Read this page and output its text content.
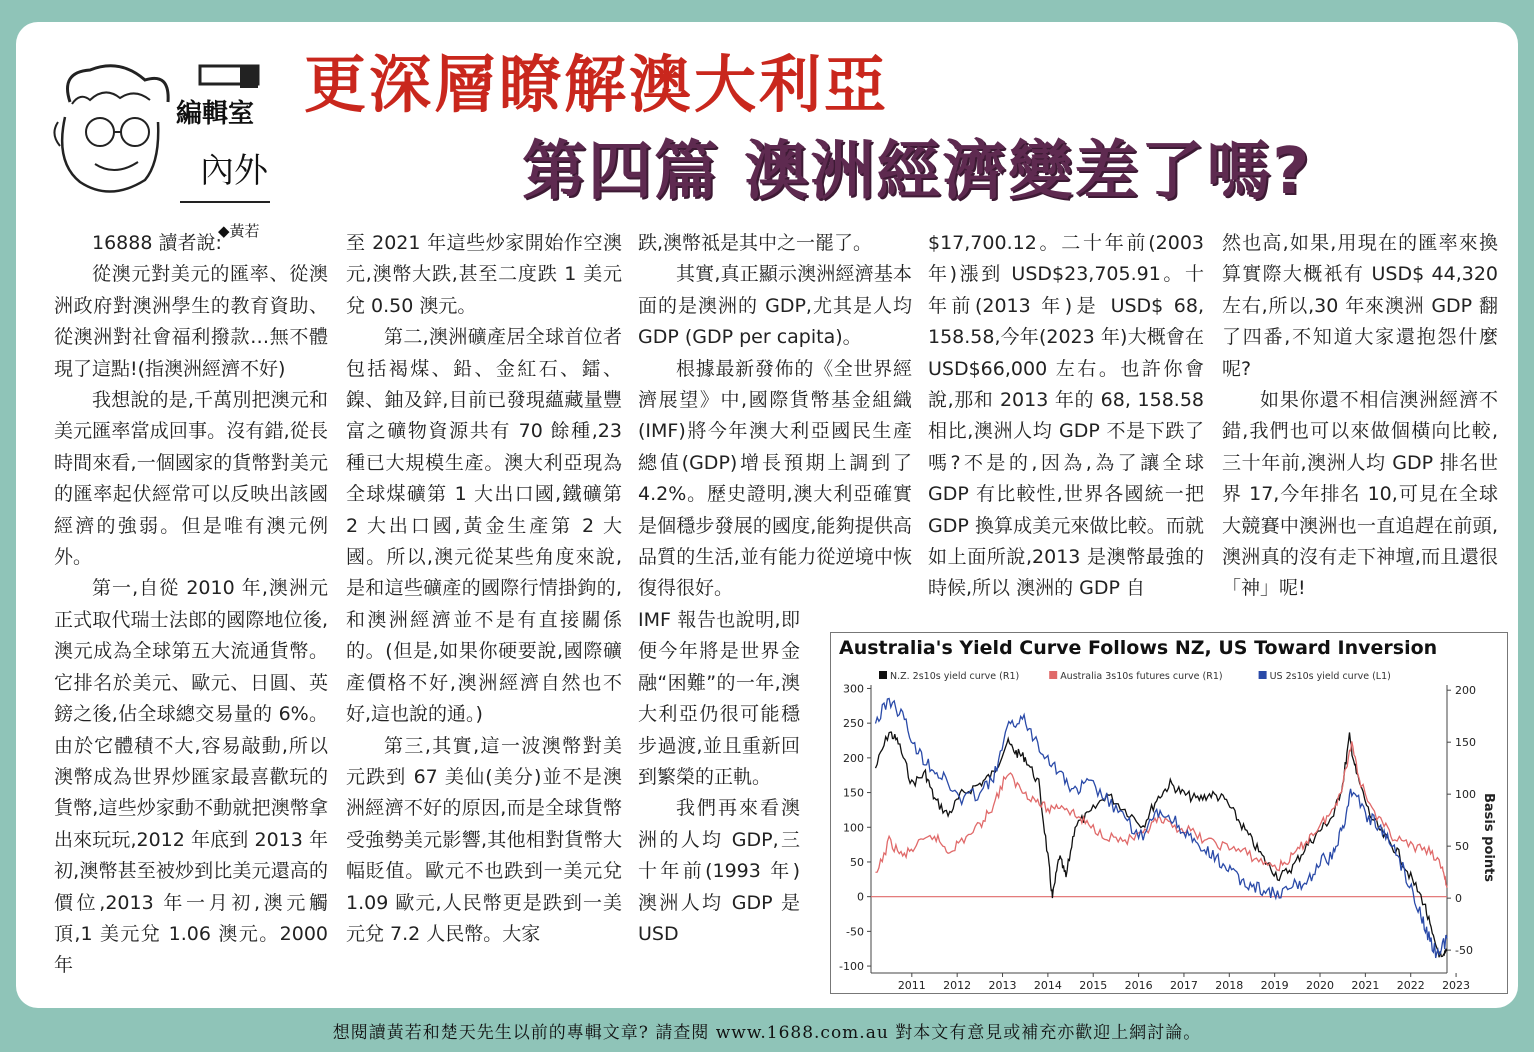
編輯室
內外
◆黃若
更深層瞭解澳大利亞
第四篇 澳洲經濟變差了嗎?

16888 讀者說:

從澳元對美元的匯率、從澳洲政府對澳洲學生的教育資助、從澳洲對社會福利撥款…無不體現了這點!(指澳洲經濟不好)

我想說的是,千萬別把澳元和美元匯率當成回事。沒有錯,從長時間來看,一個國家的貨幣對美元的匯率起伏經常可以反映出該國經濟的強弱。但是唯有澳元例外。

第一,自從 2010 年,澳洲元正式取代瑞士法郎的國際地位後,澳元成為全球第五大流通貨幣。它排名於美元、歐元、日圓、英鎊之後,佔全球總交易量的 6%。由於它體積不大,容易敲動,所以澳幣成為世界炒匯家最喜歡玩的貨幣,這些炒家動不動就把澳幣拿出來玩玩,2012 年底到 2013 年初,澳幣甚至被炒到比美元還高的價位,2013 年一月初,澳元觸頂,1 美元兌 1.06 澳元。2000 年

至 2021 年這些炒家開始作空澳元,澳幣大跌,甚至二度跌 1 美元兌 0.50 澳元。

第二,澳洲礦產居全球首位者包括褐煤、鉛、金紅石、鐳、鎳、鈾及鋅,目前已發現蘊藏量豐富之礦物資源共有 70 餘種,23 種已大規模生產。澳大利亞現為全球煤礦第 1 大出口國,鐵礦第 2 大出口國,黃金生產第 2 大國。所以,澳元從某些角度來說,是和這些礦產的國際行情掛鉤的,和澳洲經濟並不是有直接關係的。(但是,如果你硬要說,國際礦產價格不好,澳洲經濟自然也不好,這也說的通。)

第三,其實,這一波澳幣對美元跌到 67 美仙(美分)並不是澳洲經濟不好的原因,而是全球貨幣受強勢美元影響,其他相對貨幣大幅貶值。歐元不也跌到一美元兌 1.09 歐元,人民幣更是跌到一美元兌 7.2 人民幣。大家

跌,澳幣祗是其中之一罷了。

其實,真正顯示澳洲經濟基本面的是澳洲的 GDP,尤其是人均 GDP (GDP per capita)。

根據最新發佈的《全世界經濟展望》中,國際貨幣基金組織(IMF)將今年澳大利亞國民生產總值(GDP)增長預期上調到了 4.2%。歷史證明,澳大利亞確實是個穩步發展的國度,能夠提供高品質的生活,並有能力從逆境中恢復得很好。

IMF 報告也說明,即便今年將是世界金融“困難”的一年,澳大利亞仍很可能穩步過渡,並且重新回到繁榮的正軌。

我們再來看澳洲的人均 GDP,三十年前(1993 年)澳洲人均 GDP 是 USD

$17,700.12。二十年前(2003 年)漲到 USD$23,705.91。十年前(2013 年)是 USD$ 68, 158.58,今年(2023 年)大概會在 USD$66,000 左右。也許你會說,那和 2013 年的 68, 158.58 相比,澳洲人均 GDP 不是下跌了嗎?不是的,因為,為了讓全球 GDP 有比較性,世界各國統一把 GDP 換算成美元來做比較。而就如上面所說,2013 是澳幣最強的時候,所以 澳洲的 GDP 自

然也高,如果,用現在的匯率來換算實際大概衹有 USD$ 44,320 左右,所以,30 年來澳洲 GDP 翻了四番,不知道大家還抱怨什麼呢?

如果你還不相信澳洲經濟不錯,我們也可以來做個橫向比較,三十年前,澳洲人均 GDP 排名世界 17,今年排名 10,可見在全球大競賽中澳洲也一直追趕在前頭,澳洲真的沒有走下神壇,而且還很「神」呢!

300
250
200
150
100
50
0
-50
-100
200
150
100
50
0
-50
2011 2012 2013 2014 2015 2016 2017 2018 2019 2020 2021 2022 2023
Basis points
N.Z. 2s10s yield curve (R1)	Australia 3s10s futures curve (R1)	US 2s10s yield curve (L1)
Australia's Yield Curve Follows NZ, US Toward Inversion
想閱讀黃若和楚天先生以前的專輯文章? 請查閱 www.1688.com.au 對本文有意見或補充亦歡迎上網討論。
